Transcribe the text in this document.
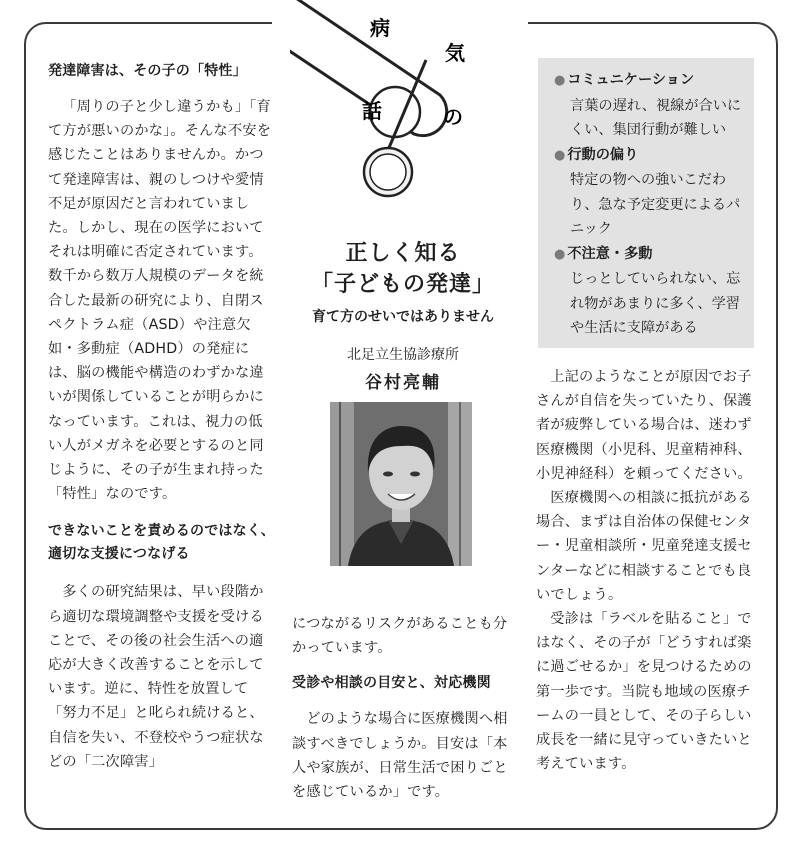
病
気
の
話
正しく知る
「子どもの発達」
育て方のせいではありません
北足立生協診療所
谷村亮輔
発達障害は、その子の「特性」

「周りの子と少し違うかも」「育て方が悪いのかな」。そんな不安を感じたことはありませんか。かつて発達障害は、親のしつけや愛情不足が原因だと言われていました。しかし、現在の医学においてそれは明確に否定されています。数千から数万人規模のデータを統合した最新の研究により、自閉スペクトラム症（ASD）や注意欠如・多動症（ADHD）の発症には、脳の機能や構造のわずかな違いが関係していることが明らかになっています。これは、視力の低い人がメガネを必要とするのと同じように、その子が生まれ持った「特性」なのです。

できないことを責めるのではなく、適切な支援につなげる

多くの研究結果は、早い段階から適切な環境調整や支援を受けることで、その後の社会生活への適応が大きく改善することを示しています。逆に、特性を放置して「努力不足」と叱られ続けると、自信を失い、不登校やうつ症状などの「二次障害」

につながるリスクがあることも分かっています。

受診や相談の目安と、対応機関

どのような場合に医療機関へ相談すべきでしょうか。目安は「本人や家族が、日常生活で困りごとを感じているか」です。

● コミュニケーション
言葉の遅れ、視線が合いにくい、集団行動が難しい
● 行動の偏り
特定の物への強いこだわり、急な予定変更によるパニック
● 不注意・多動
じっとしていられない、忘れ物があまりに多く、学習や生活に支障がある

上記のようなことが原因でお子さんが自信を失っていたり、保護者が疲弊している場合は、迷わず医療機関（小児科、児童精神科、小児神経科）を頼ってください。

医療機関への相談に抵抗がある場合、まずは自治体の保健センター・児童相談所・児童発達支援センターなどに相談することでも良いでしょう。

受診は「ラベルを貼ること」ではなく、その子が「どうすれば楽に過ごせるか」を見つけるための第一歩です。当院も地域の医療チームの一員として、その子らしい成長を一緒に見守っていきたいと考えています。
